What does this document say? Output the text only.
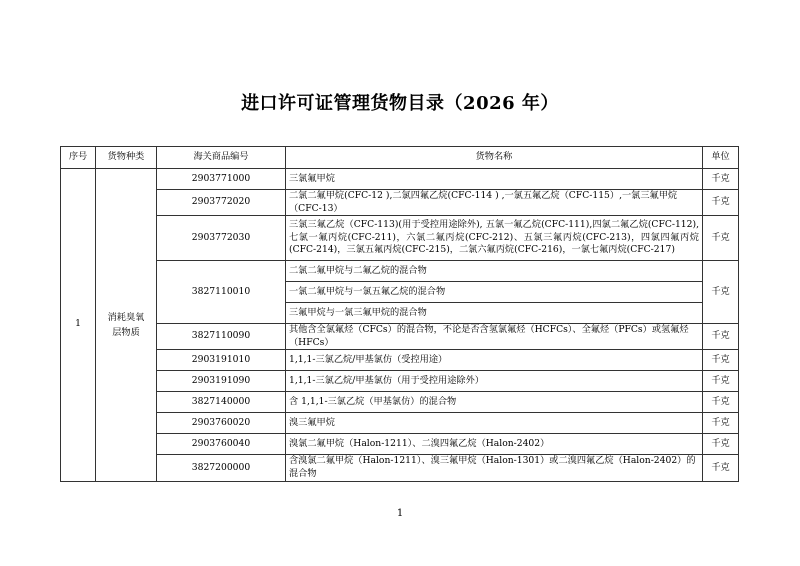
进口许可证管理货物目录（2026 年）
序号	货物种类	海关商品编号	货物名称	单位
1	消耗臭氧层物质	2903771000	三氯氟甲烷	千克
		2903772020	二氯二氟甲烷(CFC-12 ),二氯四氟乙烷(CFC-114 ) ,一氯五氟乙烷（CFC-115）,一氯三氟甲烷（CFC-13）	千克
		2903772030	三氯三氟乙烷（CFC-113)(用于受控用途除外), 五氯一氟乙烷(CFC-111),四氯二氟乙烷(CFC-112),七氯一氟丙烷(CFC-211)，六氯二氟丙烷(CFC-212)、五氯三氟丙烷(CFC-213)，四氯四氟丙烷(CFC-214)，三氯五氟丙烷(CFC-215)，二氯六氟丙烷(CFC-216)，一氯七氟丙烷(CFC-217)	千克
		3827110010	二氯二氟甲烷与二氟乙烷的混合物	千克
			一氯二氟甲烷与一氯五氟乙烷的混合物	
			三氟甲烷与一氯三氟甲烷的混合物	
		3827110090	其他含全氯氟烃（CFCs）的混合物，不论是否含氢氯氟烃（HCFCs）、全氟烃（PFCs）或氢氟烃（HFCs）	千克
		2903191010	1,1,1-三氯乙烷/甲基氯仿（受控用途）	千克
		2903191090	1,1,1-三氯乙烷/甲基氯仿（用于受控用途除外）	千克
		3827140000	含 1,1,1-三氯乙烷（甲基氯仿）的混合物	千克
		2903760020	溴三氟甲烷	千克
		2903760040	溴氯二氟甲烷（Halon-1211）、二溴四氟乙烷（Halon-2402）	千克
		3827200000	含溴氯二氟甲烷（Halon-1211）、溴三氟甲烷（Halon-1301）或二溴四氟乙烷（Halon-2402）的混合物	千克
1
